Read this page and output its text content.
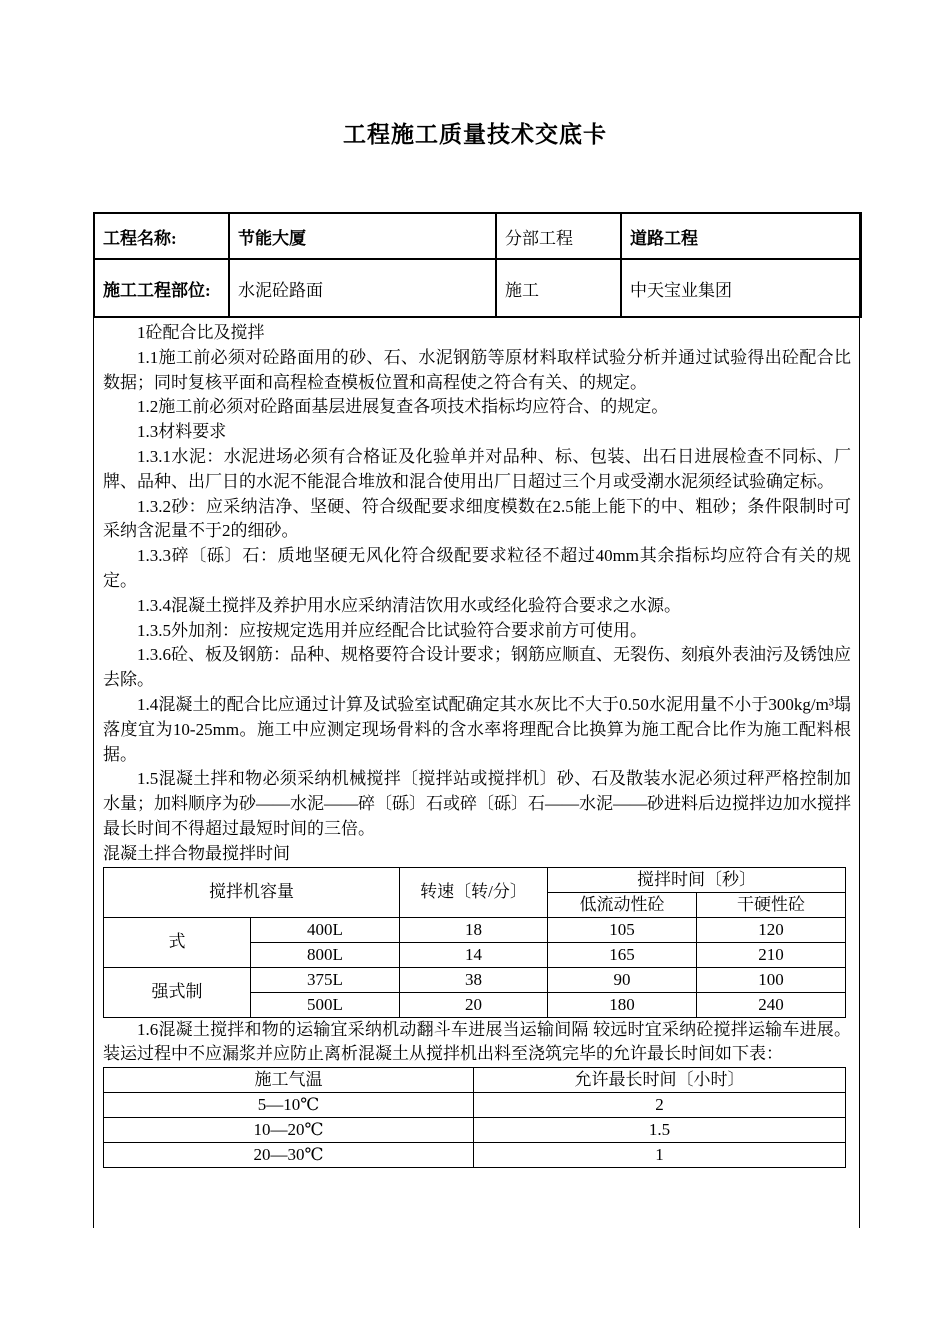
工程施工质量技术交底卡
工程名称:	节能大厦	分部工程	道路工程
施工工程部位:	水泥砼路面	施工	中天宝业集团

1砼配合比及搅拌

1.1施工前必须对砼路面用的砂、石、水泥钢筋等原材料取样试验分析并通过试验得出砼配合比数据；同时复核平面和高程检查模板位置和高程使之符合有关、的规定。

1.2施工前必须对砼路面基层进展复查各项技术指标均应符合、的规定。

1.3材料要求

1.3.1水泥：水泥进场必须有合格证及化验单并对品种、标、包装、出石日进展检查不同标、厂牌、品种、出厂日的水泥不能混合堆放和混合使用出厂日超过三个月或受潮水泥须经试验确定标。

1.3.2砂：应采纳洁净、坚硬、符合级配要求细度模数在2.5能上能下的中、粗砂；条件限制时可采纳含泥量不于2的细砂。

1.3.3碎〔砾〕石：质地坚硬无风化符合级配要求粒径不超过40mm其余指标均应符合有关的规定。

1.3.4混凝土搅拌及养护用水应采纳清洁饮用水或经化验符合要求之水源。

1.3.5外加剂：应按规定选用并应经配合比试验符合要求前方可使用。

1.3.6砼、板及钢筋：品种、规格要符合设计要求；钢筋应顺直、无裂伤、刻痕外表油污及锈蚀应去除。

1.4混凝土的配合比应通过计算及试验室试配确定其水灰比不大于0.50水泥用量不小于300kg/m³塌落度宜为10-25mm。施工中应测定现场骨料的含水率将理配合比换算为施工配合比作为施工配料根据。

1.5混凝土拌和物必须采纳机械搅拌〔搅拌站或搅拌机〕砂、石及散装水泥必须过秤严格控制加水量；加料顺序为砂——水泥——碎〔砾〕石或碎〔砾〕石——水泥——砂进料后边搅拌边加水搅拌最长时间不得超过最短时间的三倍。

混凝土拌合物最搅拌时间

搅拌机容量		转速〔转/分〕	搅拌时间〔秒〕	
			低流动性砼	干硬性砼
式	400L	18	105	120
	800L	14	165	210
强式制	375L	38	90	100
	500L	20	180	240

1.6混凝土搅拌和物的运输宜采纳机动翻斗车进展当运输间隔 较远时宜采纳砼搅拌运输车进展。装运过程中不应漏浆并应防止离析混凝土从搅拌机出料至浇筑完毕的允许最长时间如下表：

施工气温	允许最长时间〔小时〕
5—10℃	2
10—20℃	1.5
20—30℃	1
